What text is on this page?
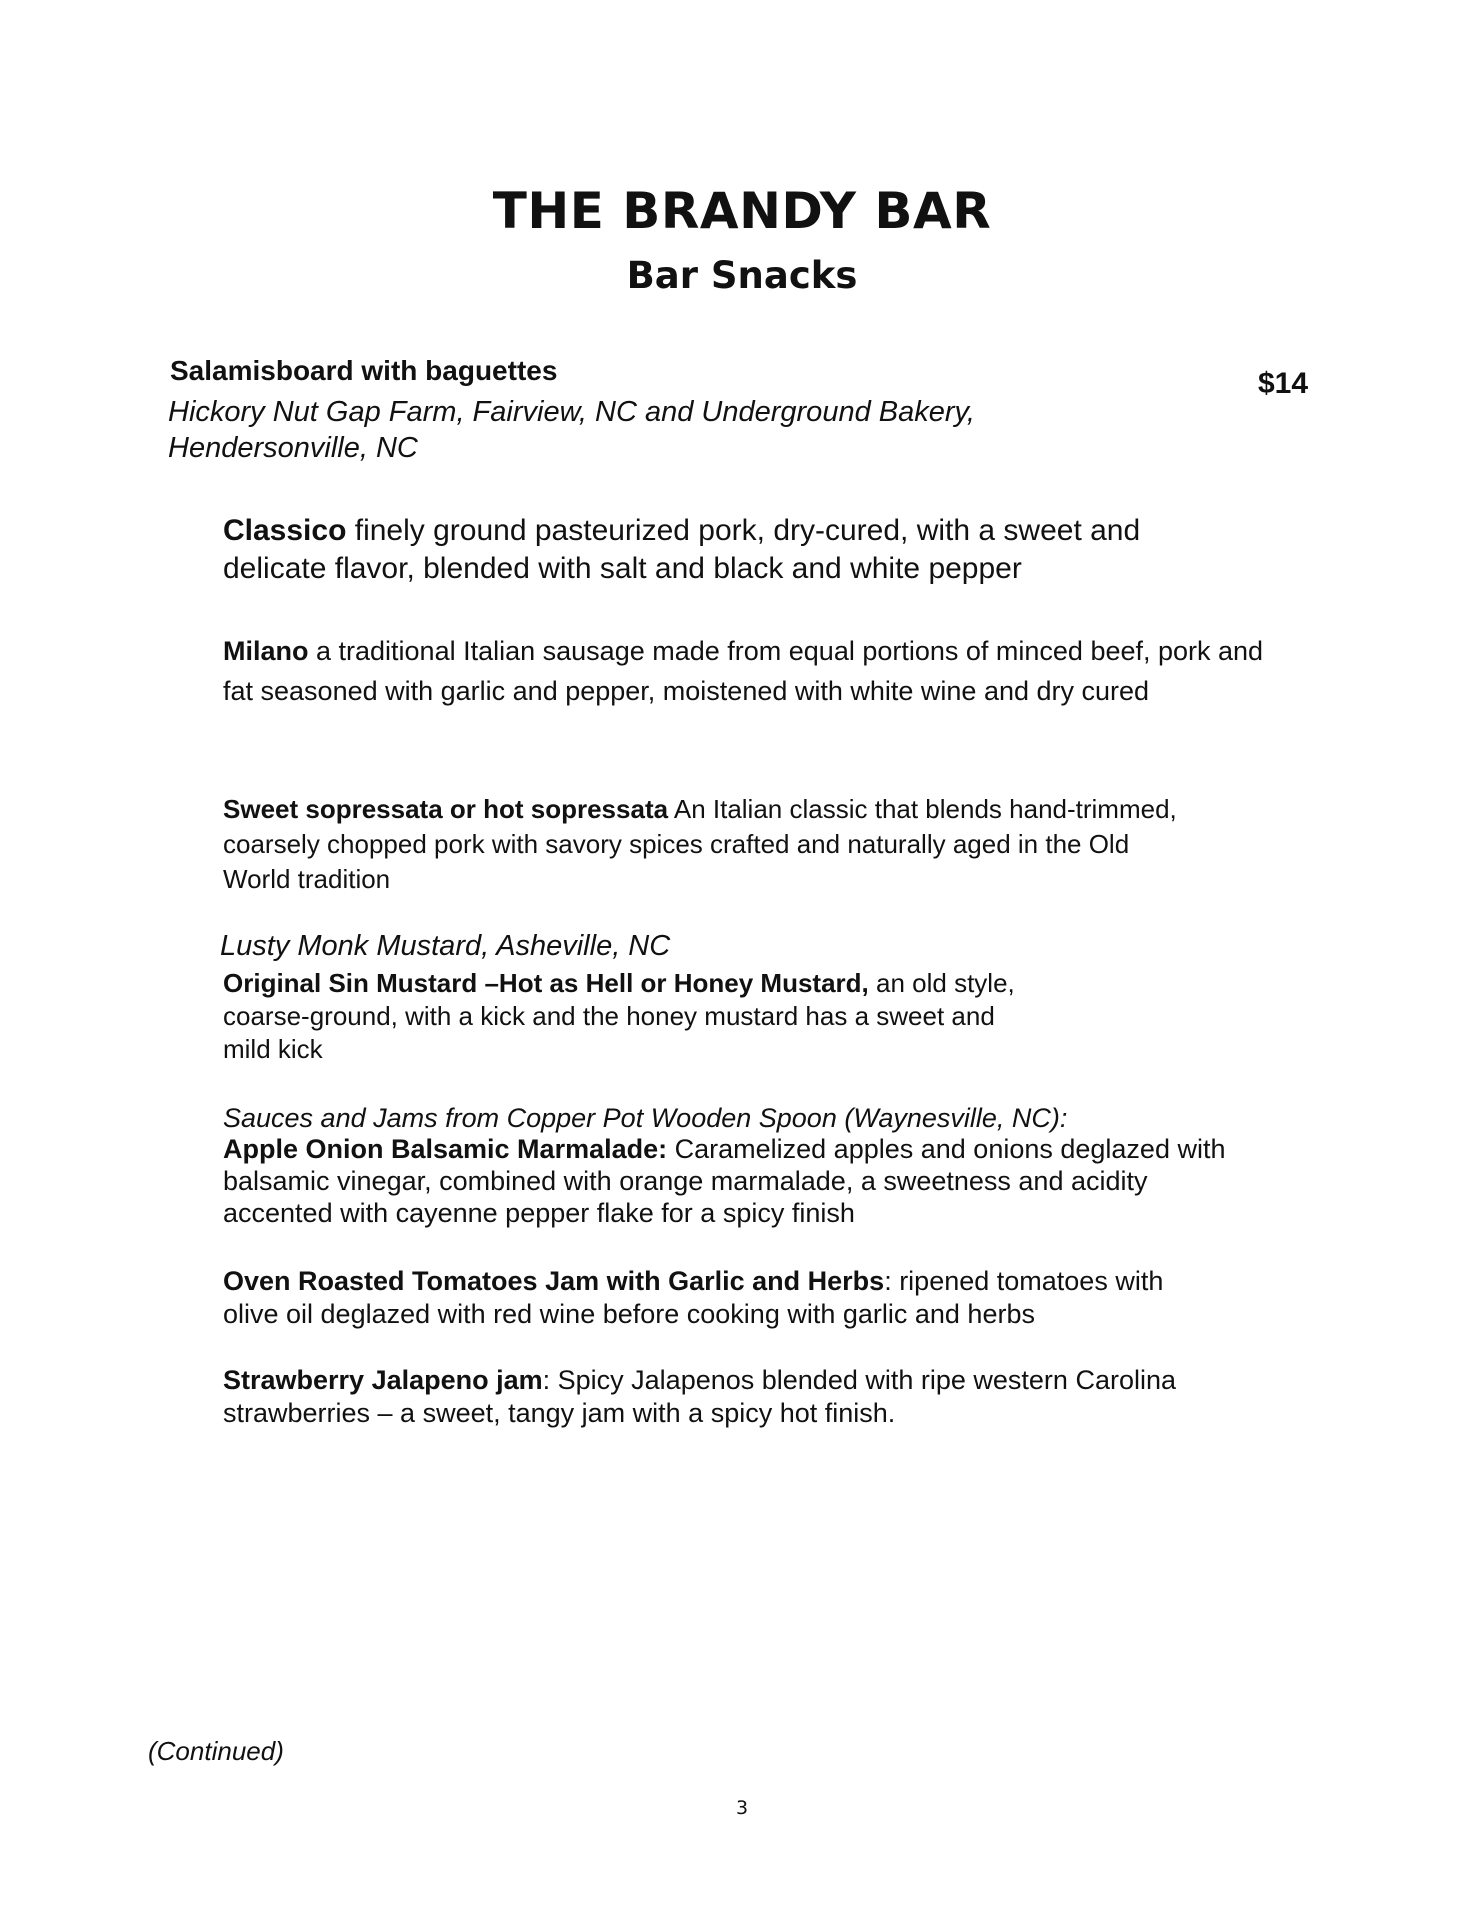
THE BRANDY BAR
Bar Snacks
Salamisboard with baguettes	$14
Hickory Nut Gap Farm, Fairview, NC and Underground Bakery,
Hendersonville, NC

Classico finely ground pasteurized pork, dry-cured, with a sweet and delicate flavor, blended with salt and black and white pepper

Milano a traditional Italian sausage made from equal portions of minced beef, pork and fat seasoned with garlic and pepper, moistened with white wine and dry cured

Sweet sopressata or hot sopressata An Italian classic that blends hand-trimmed, coarsely chopped pork with savory spices crafted and naturally aged in the Old World tradition

Lusty Monk Mustard, Asheville, NC

Original Sin Mustard –Hot as Hell or Honey Mustard, an old style, coarse-ground, with a kick and the honey mustard has a sweet and mild kick

Sauces and Jams from Copper Pot Wooden Spoon (Waynesville, NC):

Apple Onion Balsamic Marmalade: Caramelized apples and onions deglazed with balsamic vinegar, combined with orange marmalade, a sweetness and acidity accented with cayenne pepper flake for a spicy finish

Oven Roasted Tomatoes Jam with Garlic and Herbs: ripened tomatoes with olive oil deglazed with red wine before cooking with garlic and herbs

Strawberry Jalapeno jam: Spicy Jalapenos blended with ripe western Carolina strawberries – a sweet, tangy jam with a spicy hot finish.

(Continued)
3
